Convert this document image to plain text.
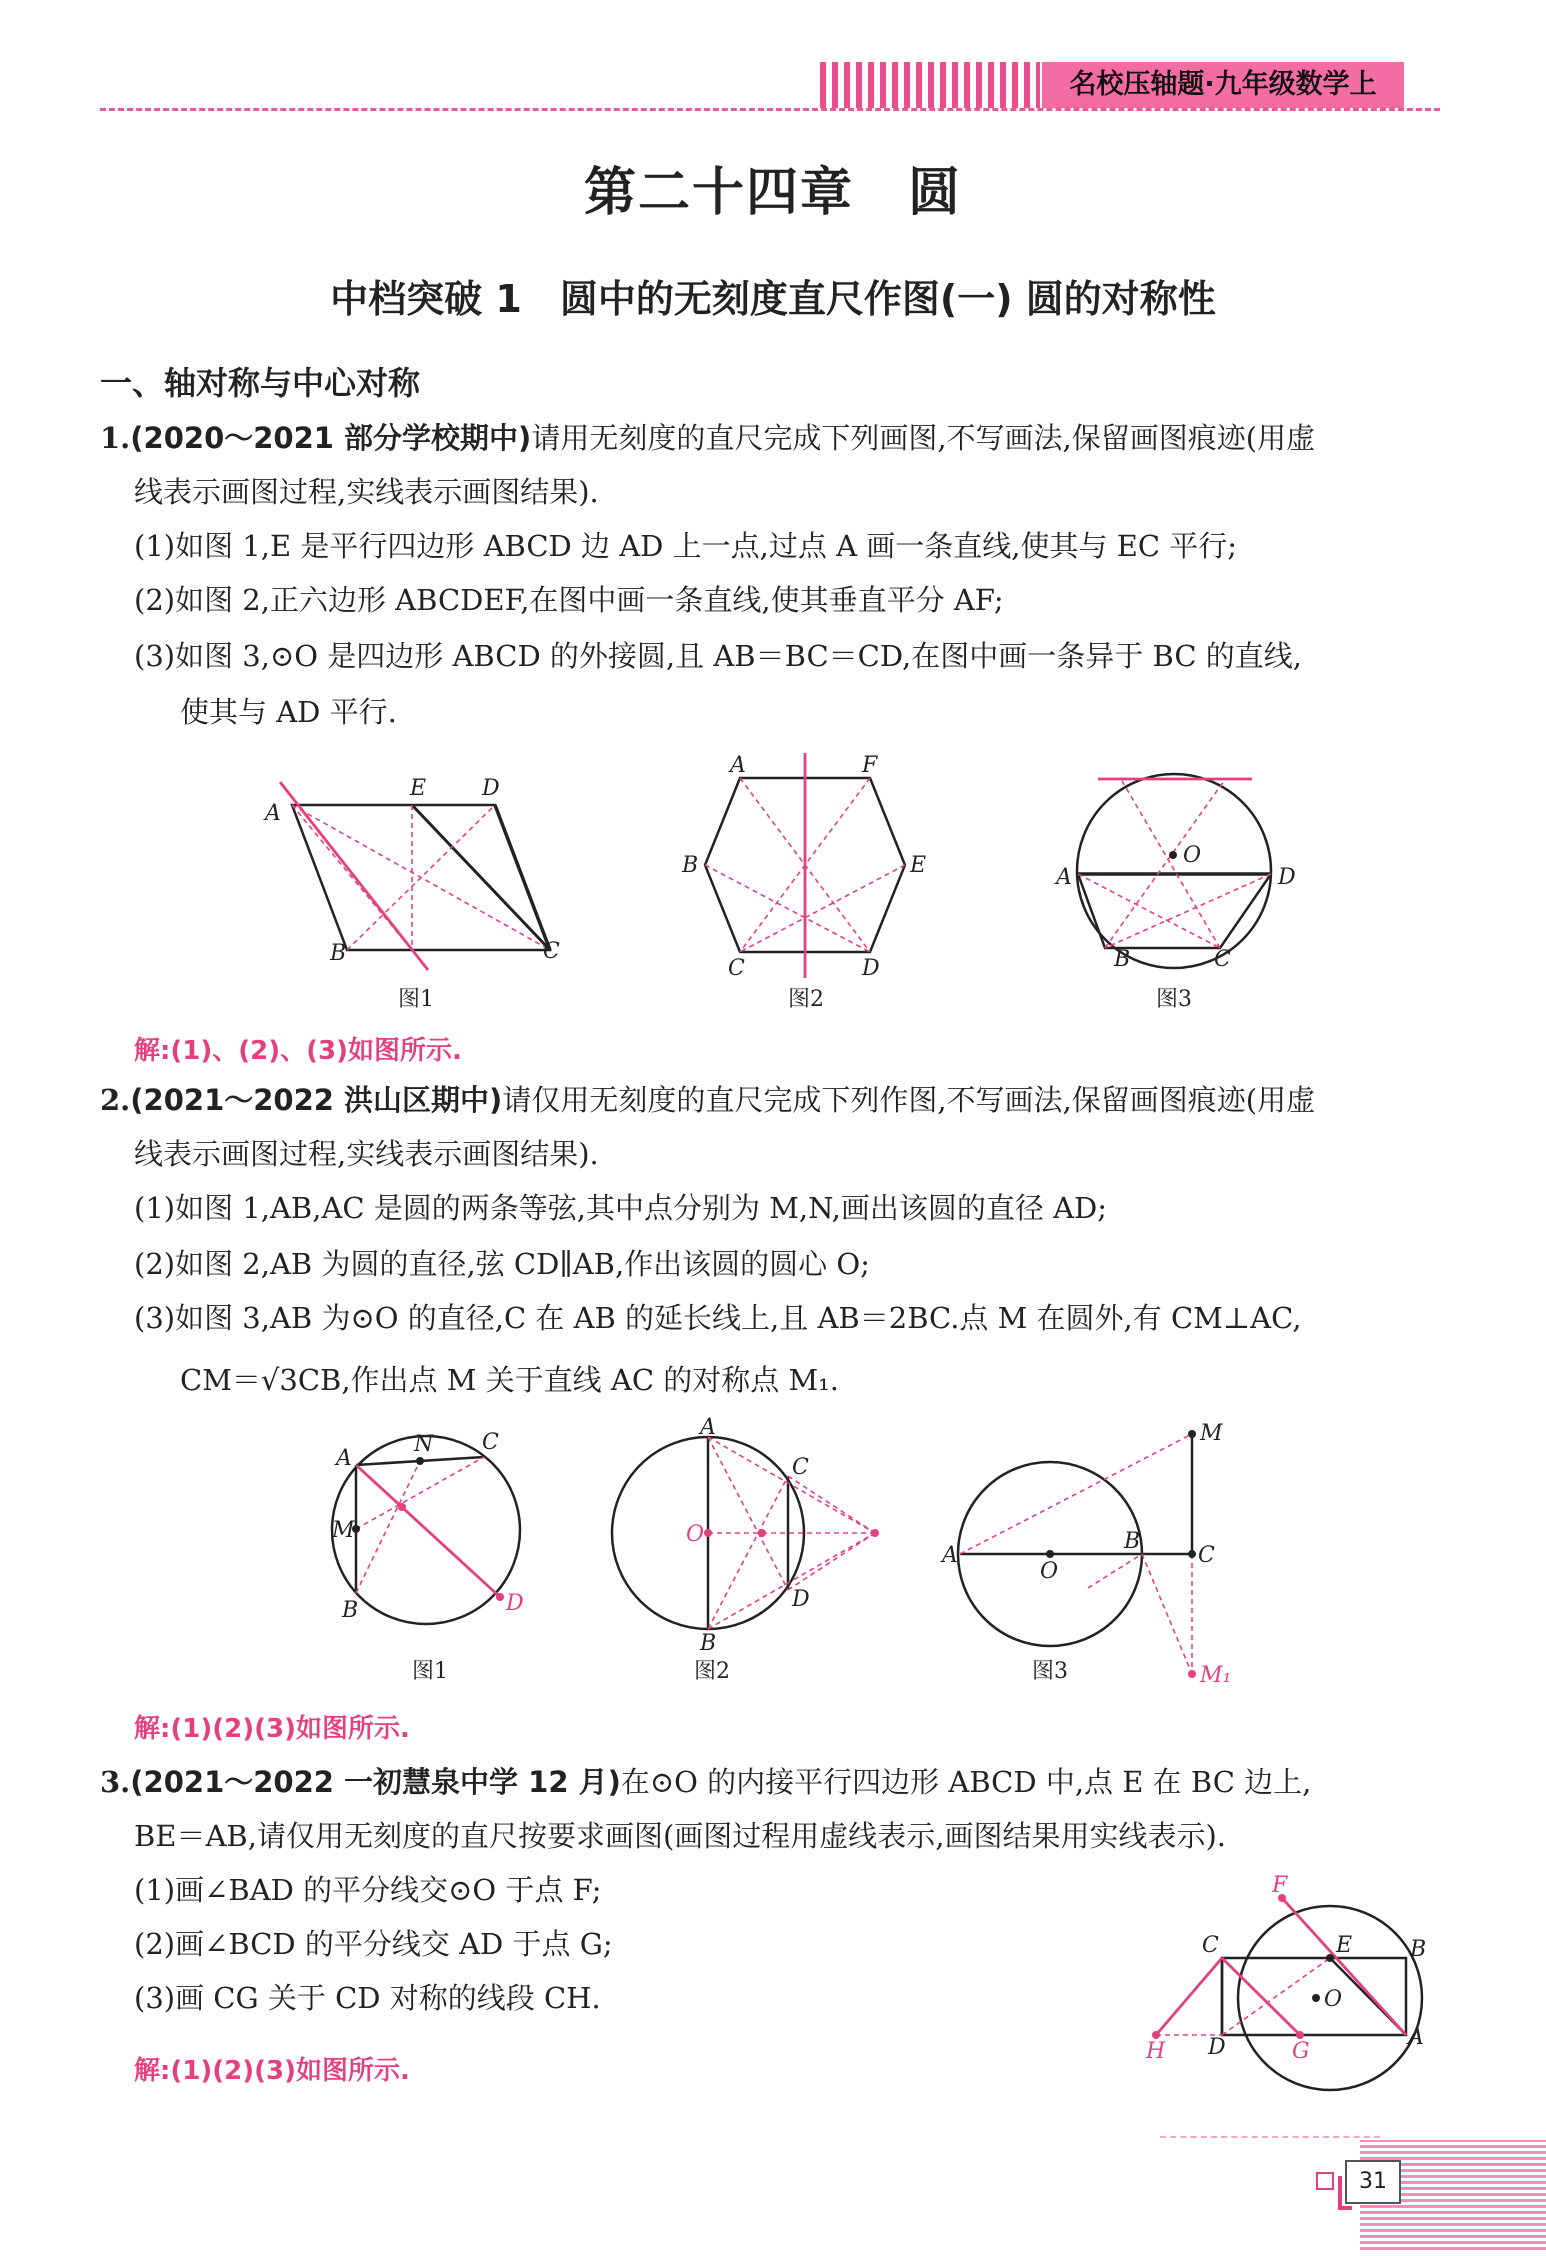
名校压轴题·九年级数学上
第二十四章　圆
中档突破 1　圆中的无刻度直尺作图(一) 圆的对称性
一、轴对称与中心对称
1.(2020～2021 部分学校期中)请用无刻度的直尺完成下列画图,不写画法,保留画图痕迹(用虚
线表示画图过程,实线表示画图结果).
(1)如图 1,E 是平行四边形 ABCD 边 AD 上一点,过点 A 画一条直线,使其与 EC 平行;
(2)如图 2,正六边形 ABCDEF,在图中画一条直线,使其垂直平分 AF;
(3)如图 3,⊙O 是四边形 ABCD 的外接圆,且 AB＝BC＝CD,在图中画一条异于 BC 的直线,
使其与 AD 平行.
A
E	D
B	C
图1
A	F
B	E
C	D
图2
O
A	D
B	C
图3
解:(1)、(2)、(3)如图所示.
2.(2021～2022 洪山区期中)请仅用无刻度的直尺完成下列作图,不写画法,保留画图痕迹(用虚
线表示画图过程,实线表示画图结果).
(1)如图 1,AB,AC 是圆的两条等弦,其中点分别为 M,N,画出该圆的直径 AD;
(2)如图 2,AB 为圆的直径,弦 CD∥AB,作出该圆的圆心 O;
(3)如图 3,AB 为⊙O 的直径,C 在 AB 的延长线上,且 AB＝2BC.点 M 在圆外,有 CM⊥AC,
CM＝√3CB,作出点 M 关于直线 AC 的对称点 M₁.
A
N C
M
B	D
图1
A
C
O
D
B
图2
A
O
B
C
M
M₁
图3
解:(1)(2)(3)如图所示.
3.(2021～2022 一初慧泉中学 12 月)在⊙O 的内接平行四边形 ABCD 中,点 E 在 BC 边上,
BE＝AB,请仅用无刻度的直尺按要求画图(画图过程用虚线表示,画图结果用实线表示).
(1)画∠BAD 的平分线交⊙O 于点 F;
(2)画∠BCD 的平分线交 AD 于点 G;
(3)画 CG 关于 CD 对称的线段 CH.
F
E
C	B
O
D	G
A
H
解:(1)(2)(3)如图所示.
31
